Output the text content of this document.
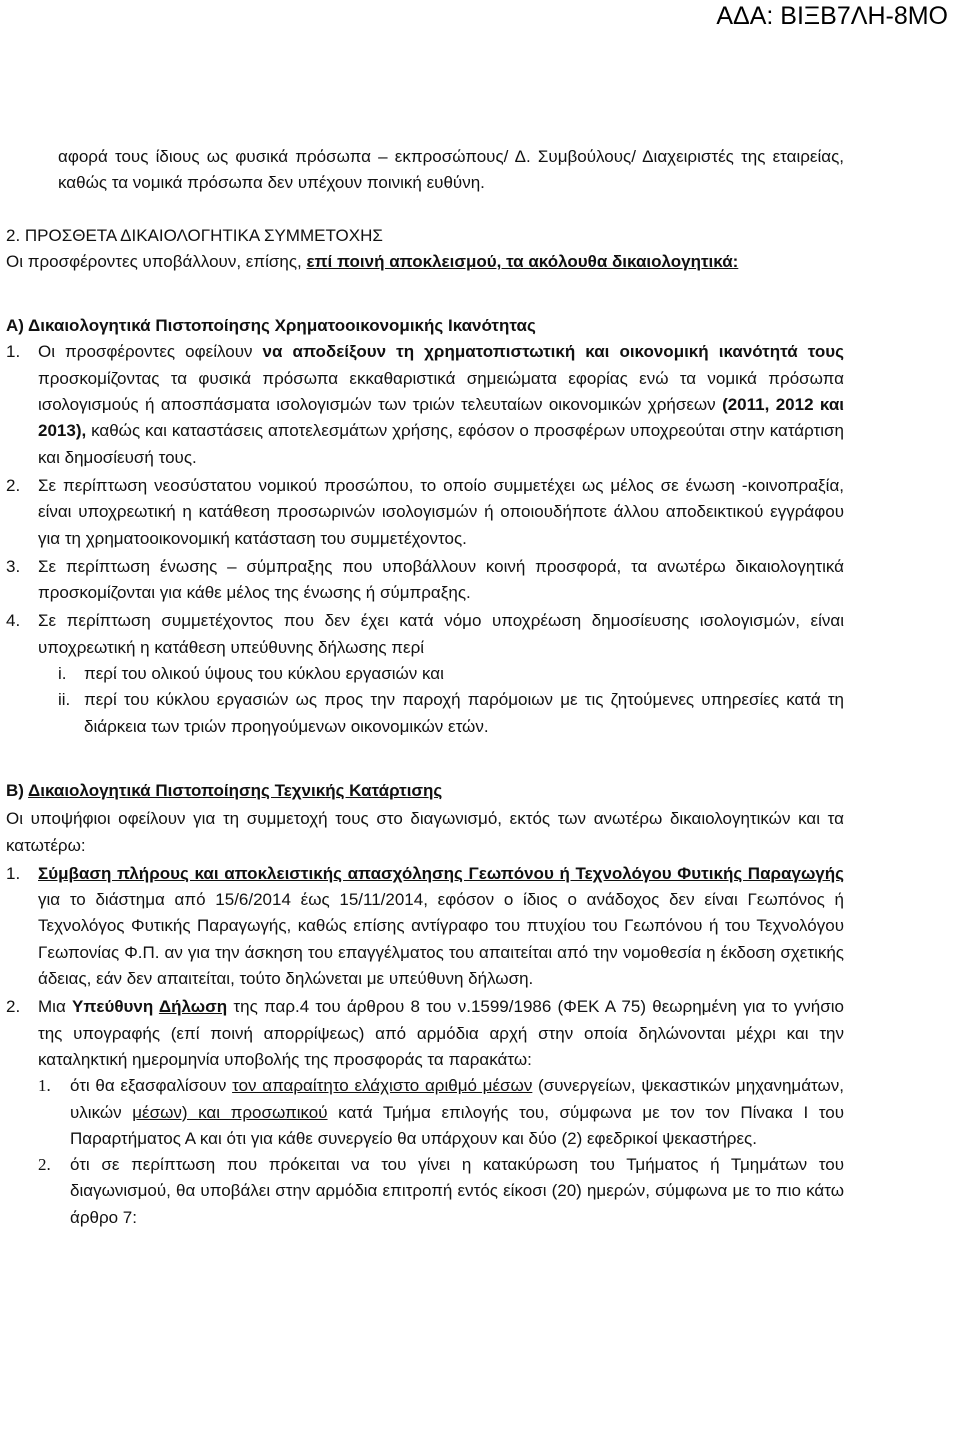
ΑΔΑ: ΒΙΞΒ7ΛΗ-8ΜΟ
αφορά τους ίδιους ως φυσικά πρόσωπα – εκπροσώπους/ Δ. Συμβούλους/ Διαχειριστές της εταιρείας, καθώς τα νομικά πρόσωπα δεν υπέχουν ποινική ευθύνη.
2. ΠΡΟΣΘΕΤΑ ΔΙΚΑΙΟΛΟΓΗΤΙΚΑ ΣΥΜΜΕΤΟΧΗΣ
Οι προσφέροντες υποβάλλουν, επίσης, επί ποινή αποκλεισμού, τα ακόλουθα δικαιολογητικά:
Α) Δικαιολογητικά Πιστοποίησης Χρηματοοικονομικής Ικανότητας
1. Οι προσφέροντες οφείλουν να αποδείξουν τη χρηματοπιστωτική και οικονομική ικανότητά τους προσκομίζοντας τα φυσικά πρόσωπα εκκαθαριστικά σημειώματα εφορίας ενώ τα νομικά πρόσωπα ισολογισμούς ή αποσπάσματα ισολογισμών των τριών τελευταίων οικονομικών χρήσεων (2011, 2012 και 2013), καθώς και καταστάσεις αποτελεσμάτων χρήσης, εφόσον ο προσφέρων υποχρεούται στην κατάρτιση και δημοσίευσή τους.
2. Σε περίπτωση νεοσύστατου νομικού προσώπου, το οποίο συμμετέχει ως μέλος σε ένωση -κοινοπραξία, είναι υποχρεωτική η κατάθεση προσωρινών ισολογισμών ή οποιουδήποτε άλλου αποδεικτικού εγγράφου για τη χρηματοοικονομική κατάσταση του συμμετέχοντος.
3. Σε περίπτωση ένωσης – σύμπραξης που υποβάλλουν κοινή προσφορά, τα ανωτέρω δικαιολογητικά προσκομίζονται για κάθε μέλος της ένωσης ή σύμπραξης.
4. Σε περίπτωση συμμετέχοντος που δεν έχει κατά νόμο υποχρέωση δημοσίευσης ισολογισμών, είναι υποχρεωτική η κατάθεση υπεύθυνης δήλωσης περί
i. περί του ολικού ύψους του κύκλου εργασιών και
ii. περί του κύκλου εργασιών ως προς την παροχή παρόμοιων με τις ζητούμενες υπηρεσίες κατά τη διάρκεια των τριών προηγούμενων οικονομικών ετών.
Β) Δικαιολογητικά Πιστοποίησης Τεχνικής Κατάρτισης
Οι υποψήφιοι οφείλουν για τη συμμετοχή τους στο διαγωνισμό, εκτός των ανωτέρω δικαιολογητικών και τα κατωτέρω:
1. Σύμβαση πλήρους και αποκλειστικής απασχόλησης Γεωπόνου ή Τεχνολόγου Φυτικής Παραγωγής για το διάστημα από 15/6/2014 έως 15/11/2014, εφόσον ο ίδιος ο ανάδοχος δεν είναι Γεωπόνος ή Τεχνολόγος Φυτικής Παραγωγής, καθώς επίσης αντίγραφο του πτυχίου του Γεωπόνου ή του Τεχνολόγου Γεωπονίας Φ.Π. αν για την άσκηση του επαγγέλματος του απαιτείται από την νομοθεσία η έκδοση σχετικής άδειας, εάν δεν απαιτείται, τούτο δηλώνεται με υπεύθυνη δήλωση.
2. Μια Υπεύθυνη Δήλωση της παρ.4 του άρθρου 8 του ν.1599/1986 (ΦΕΚ Α 75) θεωρημένη για το γνήσιο της υπογραφής (επί ποινή απορρίψεως) από αρμόδια αρχή στην οποία δηλώνονται μέχρι και την καταληκτική ημερομηνία υποβολής της προσφοράς τα παρακάτω:
1. ότι θα εξασφαλίσουν τον απαραίτητο ελάχιστο αριθμό μέσων (συνεργείων, ψεκαστικών μηχανημάτων, υλικών μέσων) και προσωπικού κατά Τμήμα επιλογής του, σύμφωνα με τον τον Πίνακα Ι του Παραρτήματος Α και ότι για κάθε συνεργείο θα υπάρχουν και δύο (2) εφεδρικοί ψεκαστήρες.
2. ότι σε περίπτωση που πρόκειται να του γίνει η κατακύρωση του Τμήματος ή Τμημάτων του διαγωνισμού, θα υποβάλει στην αρμόδια επιτροπή εντός είκοσι (20) ημερών, σύμφωνα με το πιο κάτω άρθρο 7:
